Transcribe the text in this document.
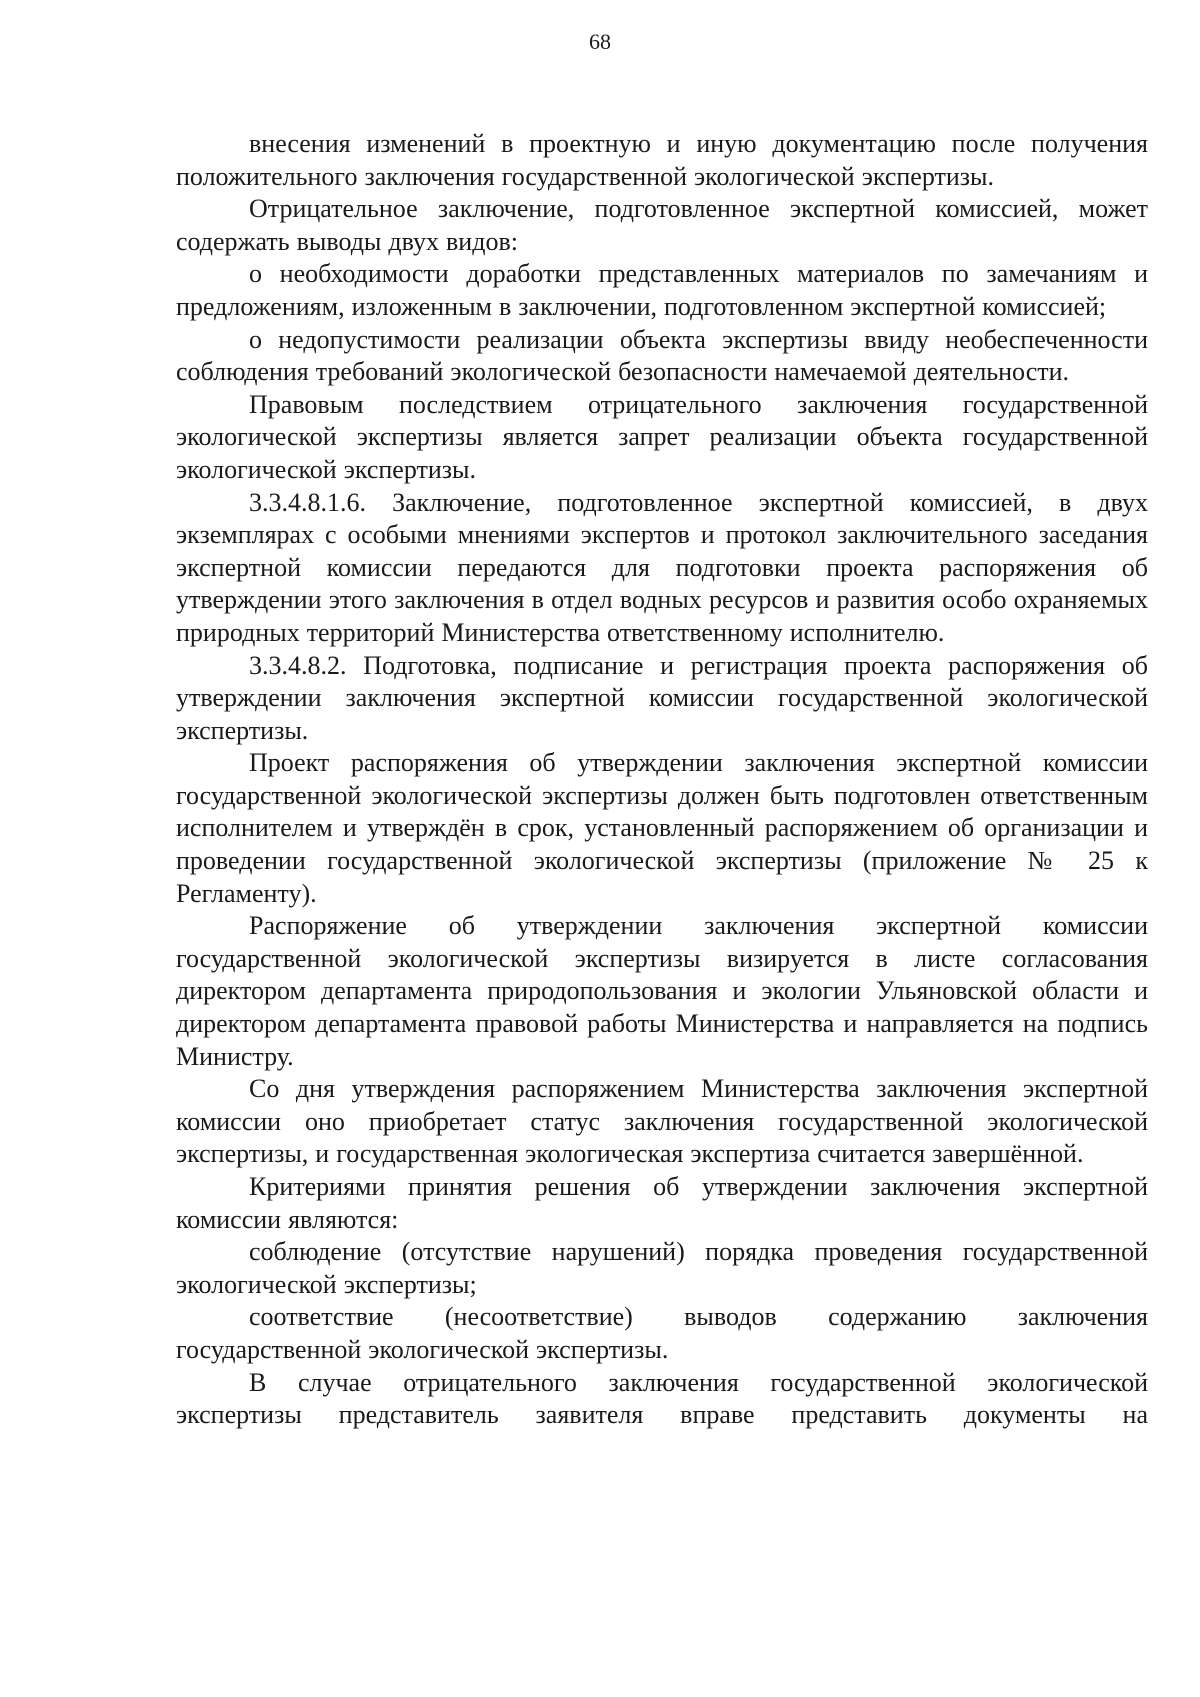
68

внесения изменений в проектную и иную документацию после получения положительного заключения государственной экологической экспертизы.

Отрицательное заключение, подготовленное экспертной комиссией, может содержать выводы двух видов:

о необходимости доработки представленных материалов по замечаниям и предложениям, изложенным в заключении, подготовленном экспертной комиссией;

о недопустимости реализации объекта экспертизы ввиду необеспеченности соблюдения требований экологической безопасности намечаемой деятельности.

Правовым последствием отрицательного заключения государственной экологической экспертизы является запрет реализации объекта государственной экологической экспертизы.

3.3.4.8.1.6. Заключение, подготовленное экспертной комиссией, в двух экземплярах с особыми мнениями экспертов и протокол заключительного заседания экспертной комиссии передаются для подготовки проекта распоряжения об утверждении этого заключения в отдел водных ресурсов и развития особо охраняемых природных территорий Министерства ответственному исполнителю.

3.3.4.8.2. Подготовка, подписание и регистрация проекта распоряжения об утверждении заключения экспертной комиссии государственной экологической экспертизы.

Проект распоряжения об утверждении заключения экспертной комиссии государственной экологической экспертизы должен быть подготовлен ответственным исполнителем и утверждён в срок, установленный распоряжением об организации и проведении государственной экологической экспертизы (приложение № 25 к Регламенту).

Распоряжение об утверждении заключения экспертной комиссии государственной экологической экспертизы визируется в листе согласования директором департамента природопользования и экологии Ульяновской области и директором департамента правовой работы Министерства и направляется на подпись Министру.

Со дня утверждения распоряжением Министерства заключения экспертной комиссии оно приобретает статус заключения государственной экологической экспертизы, и государственная экологическая экспертиза считается завершённой.

Критериями принятия решения об утверждении заключения экспертной комиссии являются:

соблюдение (отсутствие нарушений) порядка проведения государственной экологической экспертизы;

соответствие (несоответствие) выводов содержанию заключения государственной экологической экспертизы.

В случае отрицательного заключения государственной экологической экспертизы представитель заявителя вправе представить документы на
